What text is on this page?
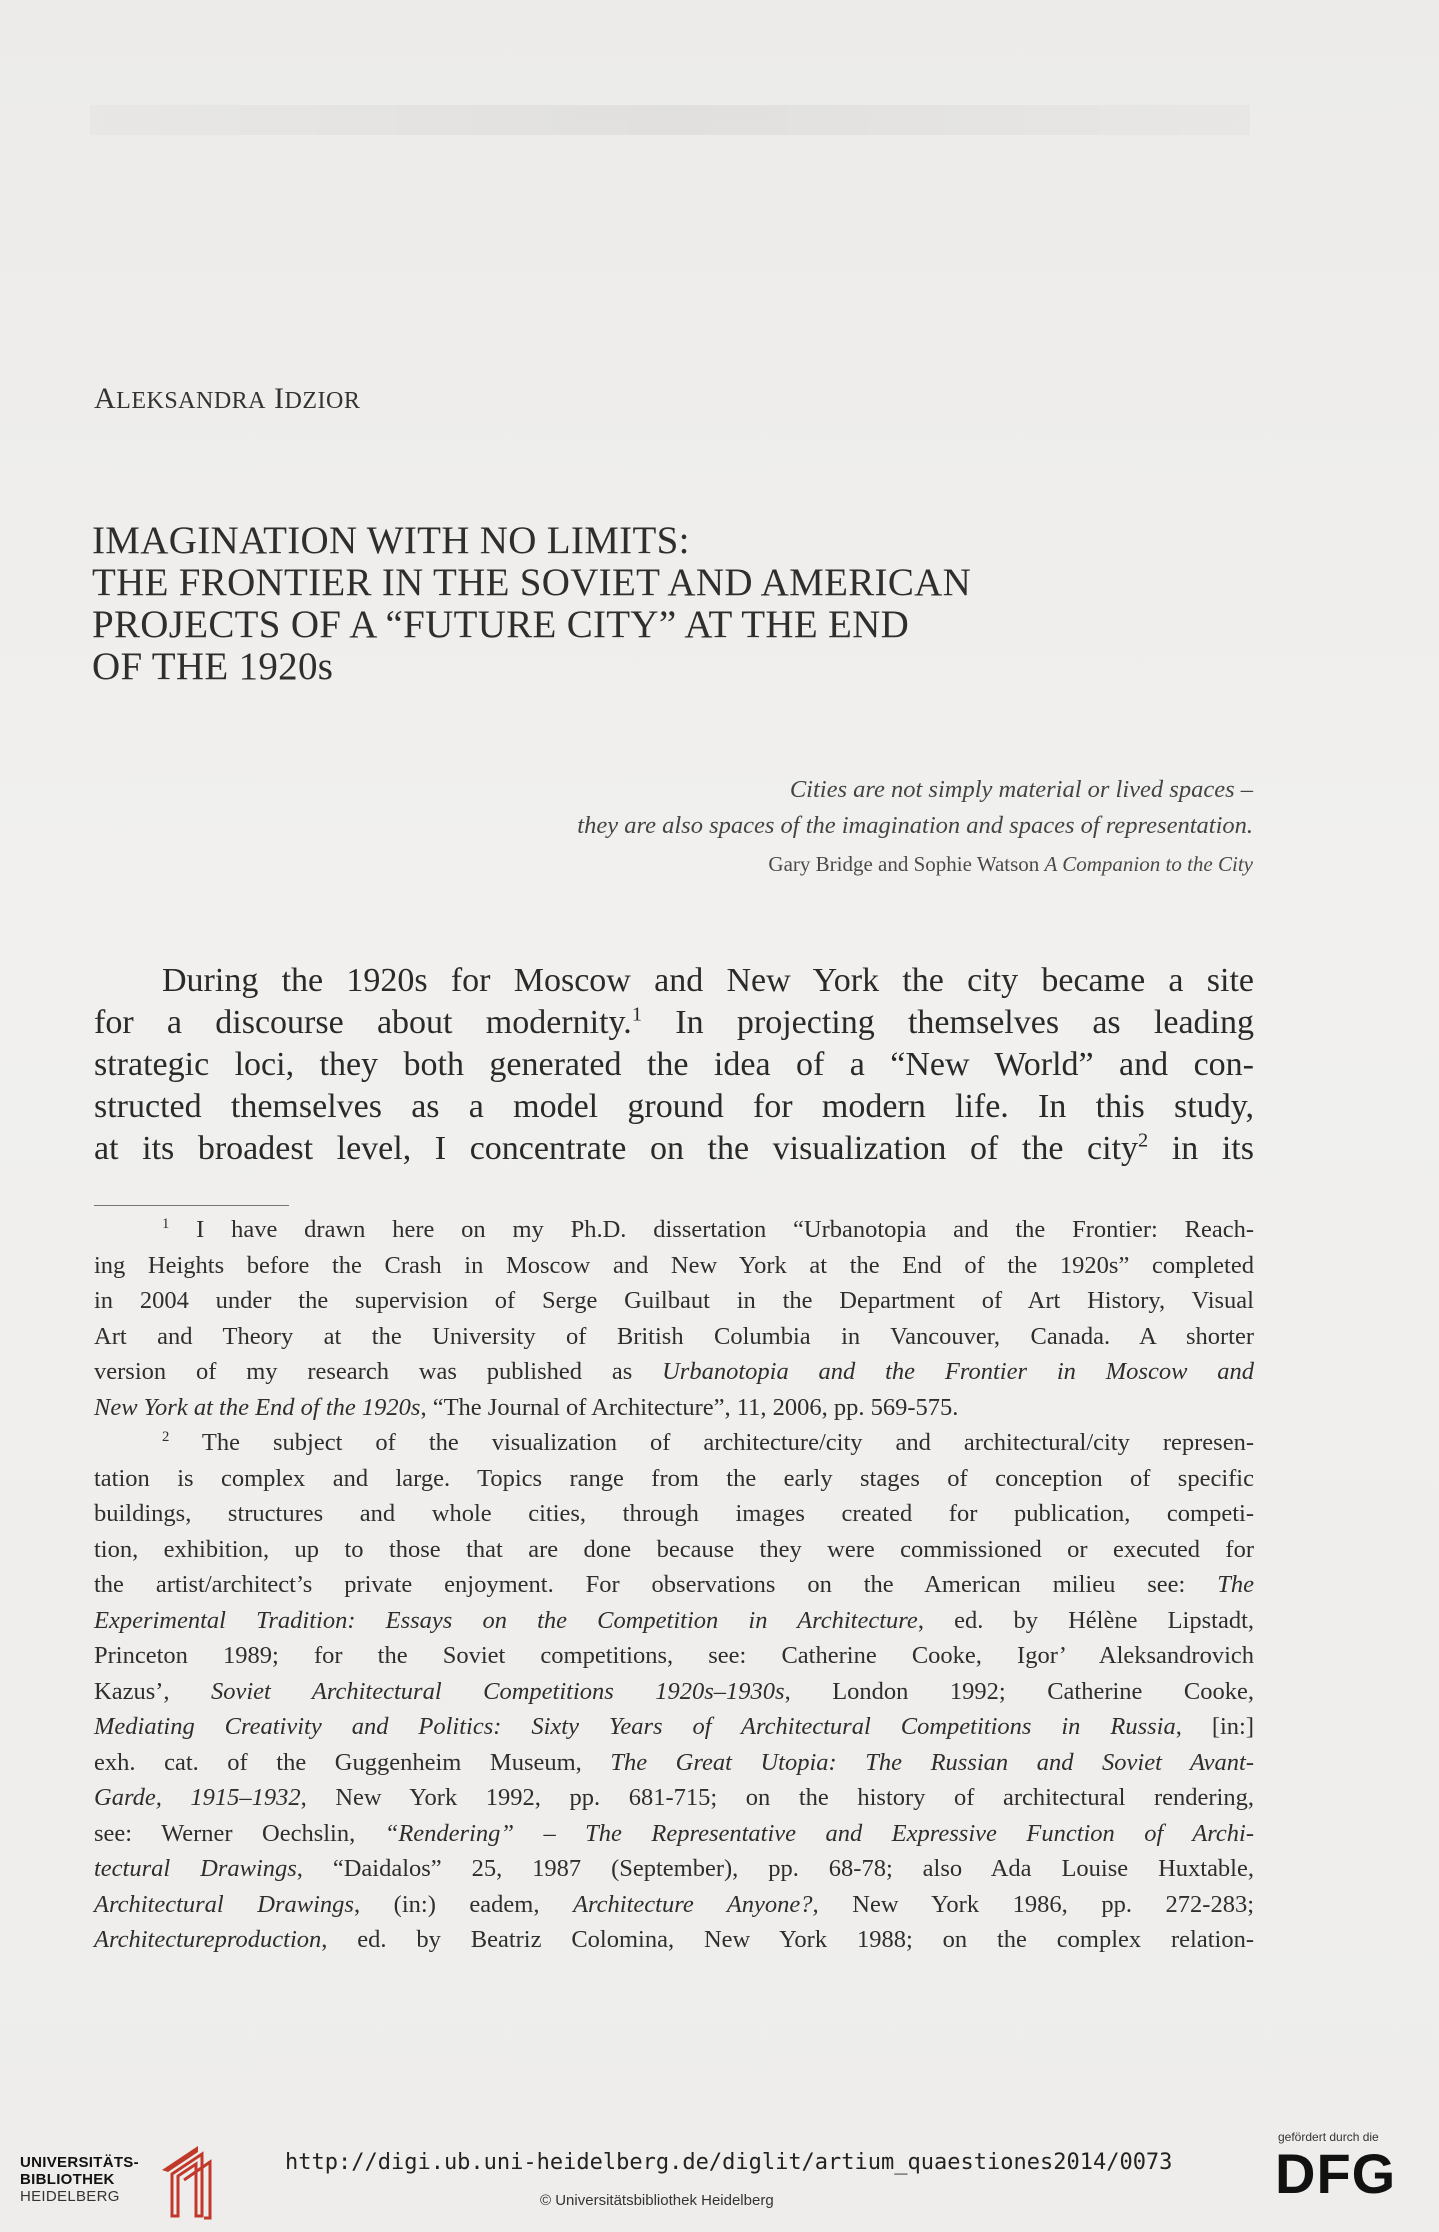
ALEKSANDRA IDZIOR
IMAGINATION WITH NO LIMITS:
THE FRONTIER IN THE SOVIET AND AMERICAN
PROJECTS OF A “FUTURE CITY” AT THE END
OF THE 1920s
Cities are not simply material or lived spaces –
they are also spaces of the imagination and spaces of representation.
Gary Bridge and Sophie Watson A Companion to the City
During the 1920s for Moscow and New York the city became a site
for a discourse about modernity.$^1$ In projecting themselves as leading
strategic loci, they both generated the idea of a “New World” and con-
structed themselves as a model ground for modern life. In this study,
at its broadest level, I concentrate on the visualization of the city$^2$ in its
$^1$ I have drawn here on my Ph.D. dissertation “Urbanotopia and the Frontier: Reach-
ing Heights before the Crash in Moscow and New York at the End of the 1920s” completed
in 2004 under the supervision of Serge Guilbaut in the Department of Art History, Visual
Art and Theory at the University of British Columbia in Vancouver, Canada. A shorter
version of my research was published as Urbanotopia and the Frontier in Moscow and
New York at the End of the 1920s, “The Journal of Architecture”, 11, 2006, pp. 569-575.
$^2$ The subject of the visualization of architecture/city and architectural/city represen-
tation is complex and large. Topics range from the early stages of conception of specific
buildings, structures and whole cities, through images created for publication, competi-
tion, exhibition, up to those that are done because they were commissioned or executed for
the artist/architect’s private enjoyment. For observations on the American milieu see: The
Experimental Tradition: Essays on the Competition in Architecture, ed. by Hélène Lipstadt,
Princeton 1989; for the Soviet competitions, see: Catherine Cooke, Igor’ Aleksandrovich
Kazus’, Soviet Architectural Competitions 1920s–1930s, London 1992; Catherine Cooke,
Mediating Creativity and Politics: Sixty Years of Architectural Competitions in Russia, [in:]
exh. cat. of the Guggenheim Museum, The Great Utopia: The Russian and Soviet Avant-
Garde, 1915–1932, New York 1992, pp. 681-715; on the history of architectural rendering,
see: Werner Oechslin, “Rendering” – The Representative and Expressive Function of Archi-
tectural Drawings, “Daidalos” 25, 1987 (September), pp. 68-78; also Ada Louise Huxtable,
Architectural Drawings, (in:) eadem, Architecture Anyone?, New York 1986, pp. 272-283;
Architectureproduction, ed. by Beatriz Colomina, New York 1988; on the complex relation-
UNIVERSITÄTS-
BIBLIOTHEK
HEIDELBERG
http://digi.ub.uni-heidelberg.de/diglit/artium_quaestiones2014/0073
© Universitätsbibliothek Heidelberg
gefördert durch die
DFG
